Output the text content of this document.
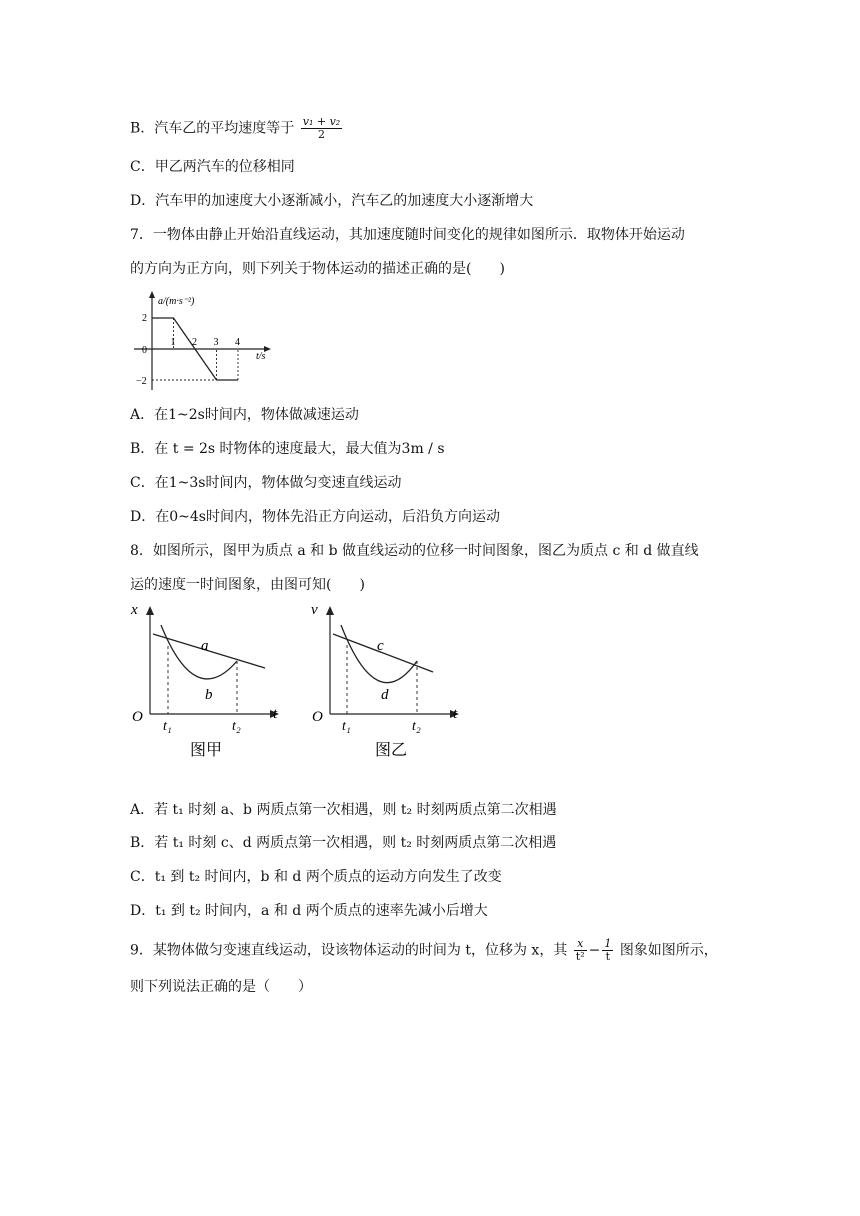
B．汽车乙的平均速度等于 $\frac{\text{v₁ + v₂}}{2}$
C．甲乙两汽车的位移相同
D．汽车甲的加速度大小逐渐减小，汽车乙的加速度大小逐渐增大
7．一物体由静止开始沿直线运动，其加速度随时间变化的规律如图所示．取物体开始运动
的方向为正方向，则下列关于物体运动的描述正确的是(　　)
1 2 3 4
a/(m·s⁻²)
t/s
0
2
−2
A．在1~2s时间内，物体做减速运动
B．在 t = 2s 时物体的速度最大，最大值为3m / s
C．在1~3s时间内，物体做匀变速直线运动
D．在0~4s时间内，物体先沿正方向运动，后沿负方向运动
8．如图所示，图甲为质点 a 和 b 做直线运动的位移一时间图象，图乙为质点 c 和 d 做直线
运的速度一时间图象，由图可知(　　)
x
t
O
t₁	t₂
a
b
图甲
v
t
O
t₁	t₂
c
d
图乙
A．若 t₁ 时刻 a、b 两质点第一次相遇，则 t₂ 时刻两质点第二次相遇
B．若 t₁ 时刻 c、d 两质点第一次相遇，则 t₂ 时刻两质点第二次相遇
C．t₁ 到 t₂ 时间内，b 和 d 两个质点的运动方向发生了改变
D．t₁ 到 t₂ 时间内，a 和 d 两个质点的速率先减小后增大
9．某物体做匀变速直线运动，设该物体运动的时间为 t，位移为 x，其 $\frac{x}{\text{t²}} - \frac{1}{t}$ 图象如图所示，
则下列说法正确的是（　　）
